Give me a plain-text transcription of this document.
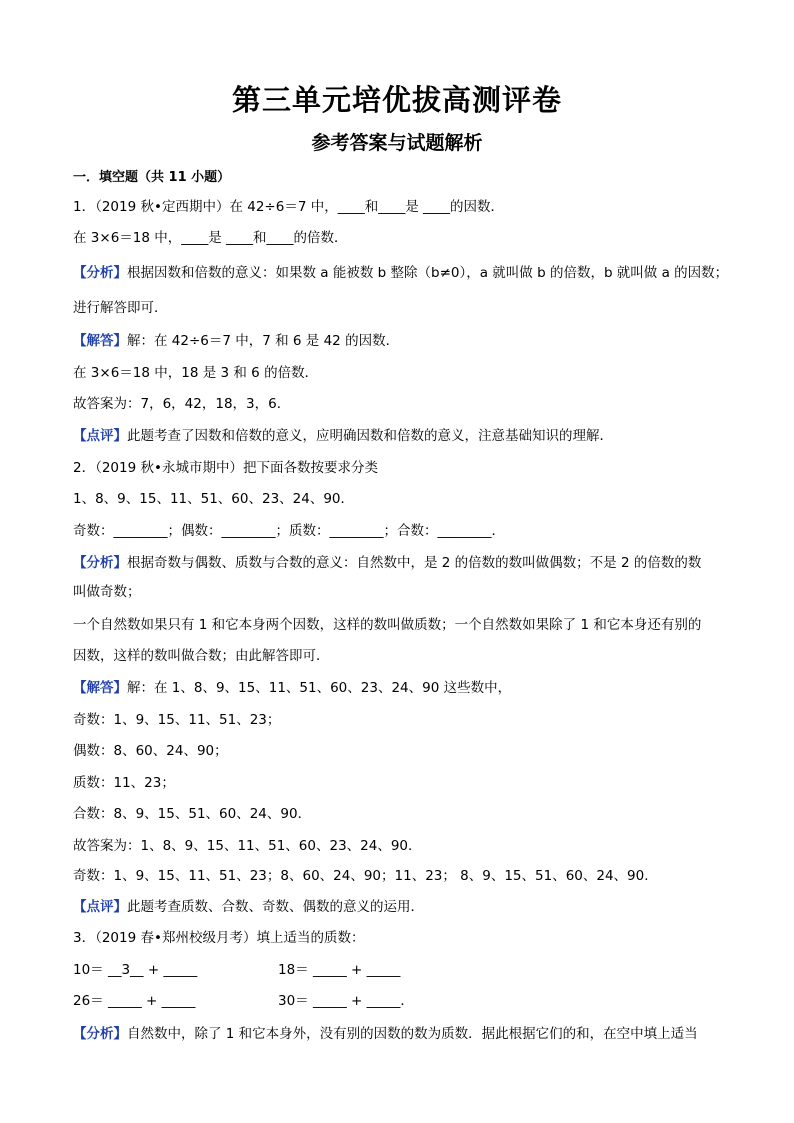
第三单元培优拔高测评卷
参考答案与试题解析
一．填空题（共 11 小题）
1．（2019 秋•定西期中）在 42÷6＝7 中，____和____是 ____的因数．
在 3×6＝18 中，____是 ____和____的倍数．
【分析】根据因数和倍数的意义：如果数 a 能被数 b 整除（b≠0），a 就叫做 b 的倍数，b 就叫做 a 的因数；
进行解答即可．
【解答】解：在 42÷6＝7 中，7 和 6 是 42 的因数．
在 3×6＝18 中，18 是 3 和 6 的倍数．
故答案为：7，6，42，18，3，6．
【点评】此题考查了因数和倍数的意义，应明确因数和倍数的意义，注意基础知识的理解．
2．（2019 秋•永城市期中）把下面各数按要求分类
1、8、9、15、11、51、60、23、24、90．
奇数：________；偶数：________；质数：________；合数：________．
【分析】根据奇数与偶数、质数与合数的意义：自然数中，是 2 的倍数的数叫做偶数；不是 2 的倍数的数
叫做奇数；
一个自然数如果只有 1 和它本身两个因数，这样的数叫做质数；一个自然数如果除了 1 和它本身还有别的
因数，这样的数叫做合数；由此解答即可．
【解答】解：在 1、8、9、15、11、51、60、23、24、90 这些数中，
奇数：1、9、15、11、51、23；
偶数：8、60、24、90；
质数：11、23；
合数：8、9、15、51、60、24、90．
故答案为：1、8、9、15、11、51、60、23、24、90．
奇数：1、9、15、11、51、23；8、60、24、90；11、23； 8、9、15、51、60、24、90．
【点评】此题考查质数、合数、奇数、偶数的意义的运用．
3．（2019 春•郑州校级月考）填上适当的质数：
10＝ __3__ + _____	18＝ _____ + _____
26＝ _____ + _____	30＝ _____ + _____．
【分析】自然数中，除了 1 和它本身外，没有别的因数的数为质数．据此根据它们的和，在空中填上适当
